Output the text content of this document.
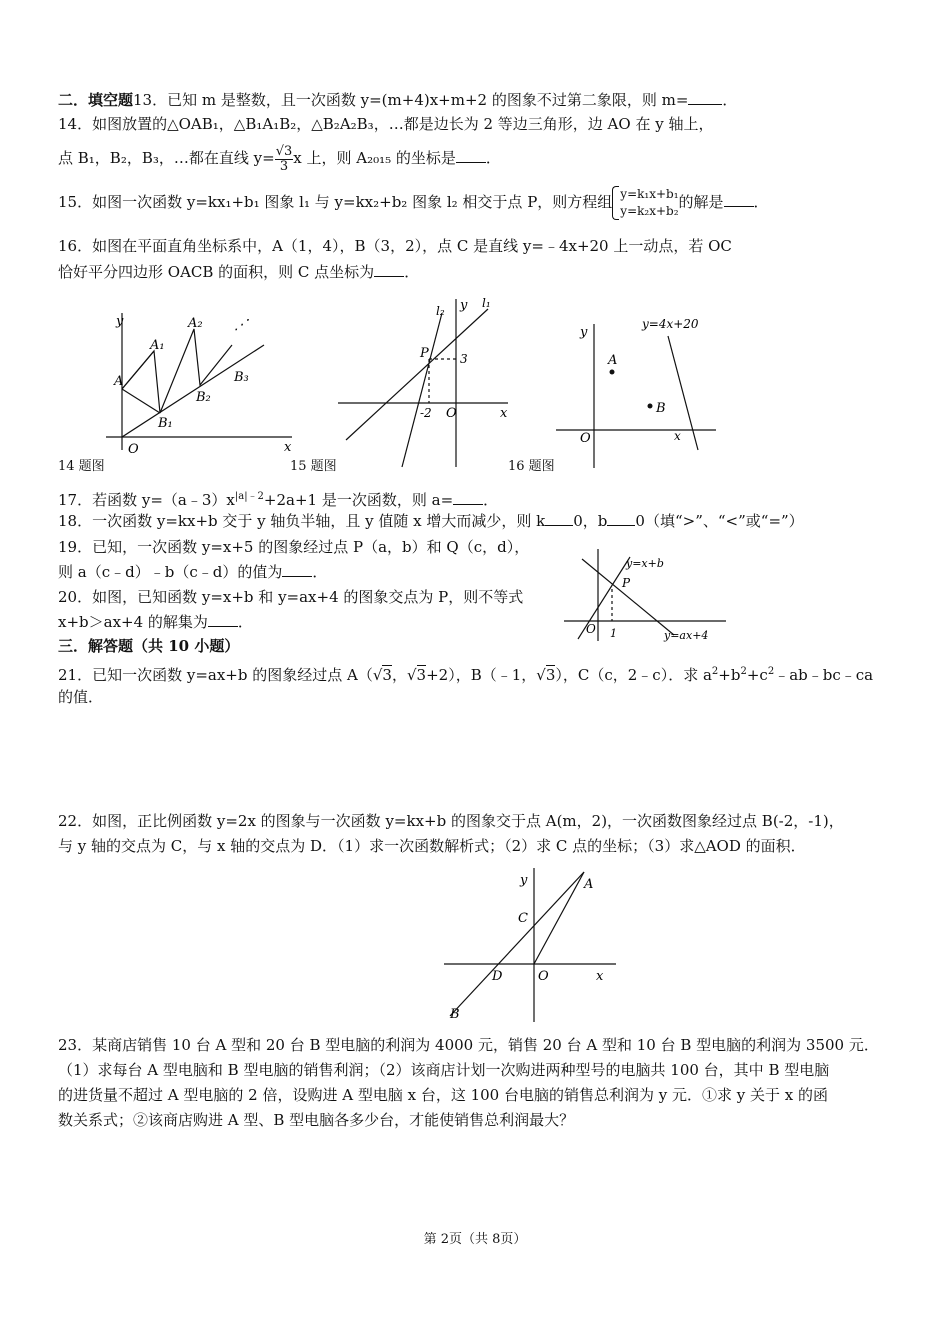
二．填空题13．已知 m 是整数，且一次函数 y=(m+4)x+m+2 的图象不过第二象限，则 m= ．
14．如图放置的△OAB₁，△B₁A₁B₂，△B₂A₂B₃，…都是边长为 2 等边三角形，边 AO 在 y 轴上，
点 B₁，B₂，B₃，…都在直线 $y= \frac{√3}{3}$ x 上，则 A₂₀₁₅ 的坐标是 ．
15．如图一次函数 y=kx₁+b₁ 图象 l₁ 与 y=kx₂+b₂ 图象 l₂ 相交于点 P，则方程组 y=k₁x+b₁
y=k₂x+b₂ 的解是 ．
16．如图在平面直角坐标系中，A（1，4），B（3，2），点 C 是直线 y=﹣4x+20 上一动点，若 OC
恰好平分四边形 OACB 的面积，则 C 点坐标为 ．
y
x
O
A
A₁
A₂
B₁
B₂
B₃
⋰
14 题图
y
x
O
P
l₁
l₂
3
-2
15 题图
y
x
O
A
B
y=4x+20
16 题图
17．若函数 $y=(a﹣3)x^{|a|﹣2}+2a+1$ 是一次函数，则 a= ．
18．一次函数 y=kx+b 交于 y 轴负半轴，且 y 值随 x 增大而减少，则 k 0，b 0（填“>”、“<”或“=”）
19．已知，一次函数 y=x+5 的图象经过点 P（a，b）和 Q（c，d），
则 a（c﹣d）﹣b（c﹣d）的值为 ．
20．如图，已知函数 y=x+b 和 y=ax+4 的图象交点为 P，则不等式
x+b＞ax+4 的解集为 ．
y=x+b
y=ax+4
P
O 1
三．解答题（共 10 小题）
21．已知一次函数 y=ax+b 的图象经过点 A（√3，√3+2），B（﹣1，√3），C（c，2﹣c）．求 $a^2+b^2+c^2﹣ab﹣bc﹣ca$
的值．
22．如图，正比例函数 y=2x 的图象与一次函数 y=kx+b 的图象交于点 A(m，2)，一次函数图象经过点 B(-2，-1)，
与 y 轴的交点为 C，与 x 轴的交点为 D．（1）求一次函数解析式；（2）求 C 点的坐标；（3）求△AOD 的面积．
y
x
A
B
C
D	O
23．某商店销售 10 台 A 型和 20 台 B 型电脑的利润为 4000 元，销售 20 台 A 型和 10 台 B 型电脑的利润为 3500 元．
（1）求每台 A 型电脑和 B 型电脑的销售利润；（2）该商店计划一次购进两种型号的电脑共 100 台，其中 B 型电脑
的进货量不超过 A 型电脑的 2 倍，设购进 A 型电脑 x 台，这 100 台电脑的销售总利润为 y 元．①求 y 关于 x 的函
数关系式；②该商店购进 A 型、B 型电脑各多少台，才能使销售总利润最大？
第 2页（共 8页）
